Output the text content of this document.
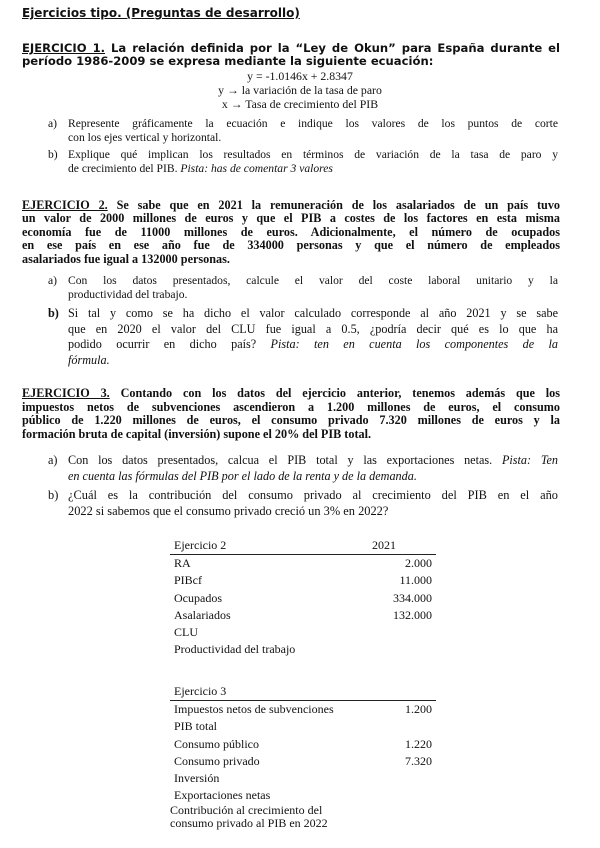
Ejercicios tipo. (Preguntas de desarrollo)
EJERCICIO 1. La relación definida por la “Ley de Okun” para España durante el
período 1986-2009 se expresa mediante la siguiente ecuación:
y = -1.0146x + 2.8347
y → la variación de la tasa de paro
x → Tasa de crecimiento del PIB
a) Represente gráficamente la ecuación e indique los valores de los puntos de corte
con los ejes vertical y horizontal.
b) Explique qué implican los resultados en términos de variación de la tasa de paro y
de crecimiento del PIB. Pista: has de comentar 3 valores
EJERCICIO 2. Se sabe que en 2021 la remuneración de los asalariados de un país tuvo
un valor de 2000 millones de euros y que el PIB a costes de los factores en esta misma
economía fue de 11000 millones de euros. Adicionalmente, el número de ocupados
en ese país en ese año fue de 334000 personas y que el número de empleados
asalariados fue igual a 132000 personas.
a) Con los datos presentados, calcule el valor del coste laboral unitario y la
productividad del trabajo.
b) Si tal y como se ha dicho el valor calculado corresponde al año 2021 y se sabe
que en 2020 el valor del CLU fue igual a 0.5, ¿podría decir qué es lo que ha
podido ocurrir en dicho país? Pista: ten en cuenta los componentes de la
fórmula.
EJERCICIO 3. Contando con los datos del ejercicio anterior, tenemos además que los
impuestos netos de subvenciones ascendieron a 1.200 millones de euros, el consumo
público de 1.220 millones de euros, el consumo privado 7.320 millones de euros y la
formación bruta de capital (inversión) supone el 20% del PIB total.
a) Con los datos presentados, calcua el PIB total y las exportaciones netas. Pista: Ten
en cuenta las fórmulas del PIB por el lado de la renta y de la demanda.
b) ¿Cuál es la contribución del consumo privado al crecimiento del PIB en el año
2022 si sabemos que el consumo privado creció un 3% en 2022?
Ejercicio 2	2021
RA	2.000
PIBcf	11.000
Ocupados	334.000
Asalariados	132.000
CLU
Productividad del trabajo
Ejercicio 3
Impuestos netos de subvenciones	1.200
PIB total
Consumo público	1.220
Consumo privado	7.320
Inversión
Exportaciones netas
Contribución al crecimiento del
consumo privado al PIB en 2022
